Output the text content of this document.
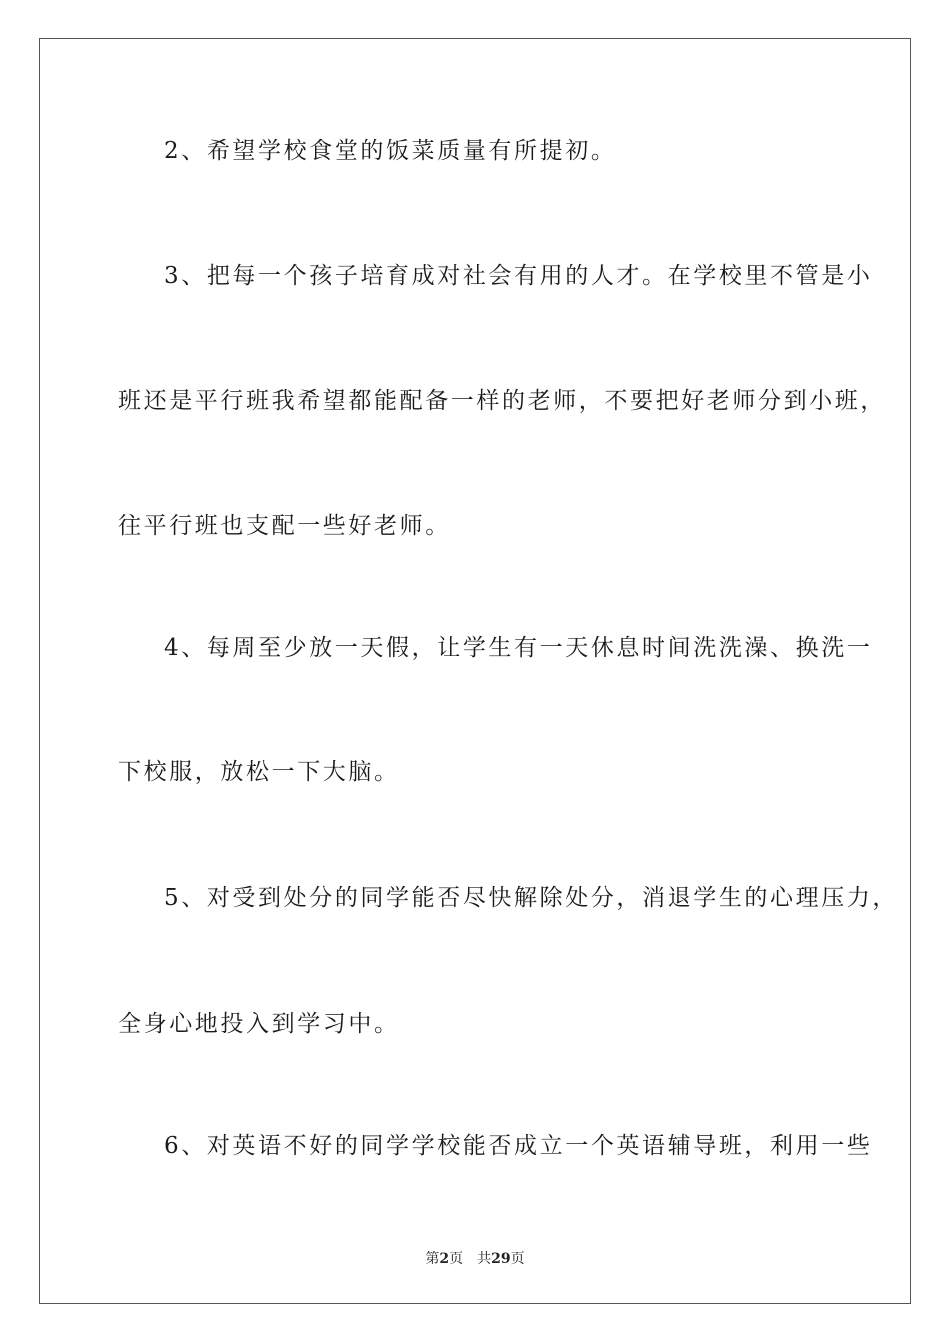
2、希望学校食堂的饭菜质量有所提初。
3、把每一个孩子培育成对社会有用的人才。在学校里不管是小
班还是平行班我希望都能配备一样的老师，不要把好老师分到小班，
往平行班也支配一些好老师。
4、每周至少放一天假，让学生有一天休息时间洗洗澡、换洗一
下校服，放松一下大脑。
5、对受到处分的同学能否尽快解除处分，消退学生的心理压力，
全身心地投入到学习中。
6、对英语不好的同学学校能否成立一个英语辅导班，利用一些
第2页 共29页
